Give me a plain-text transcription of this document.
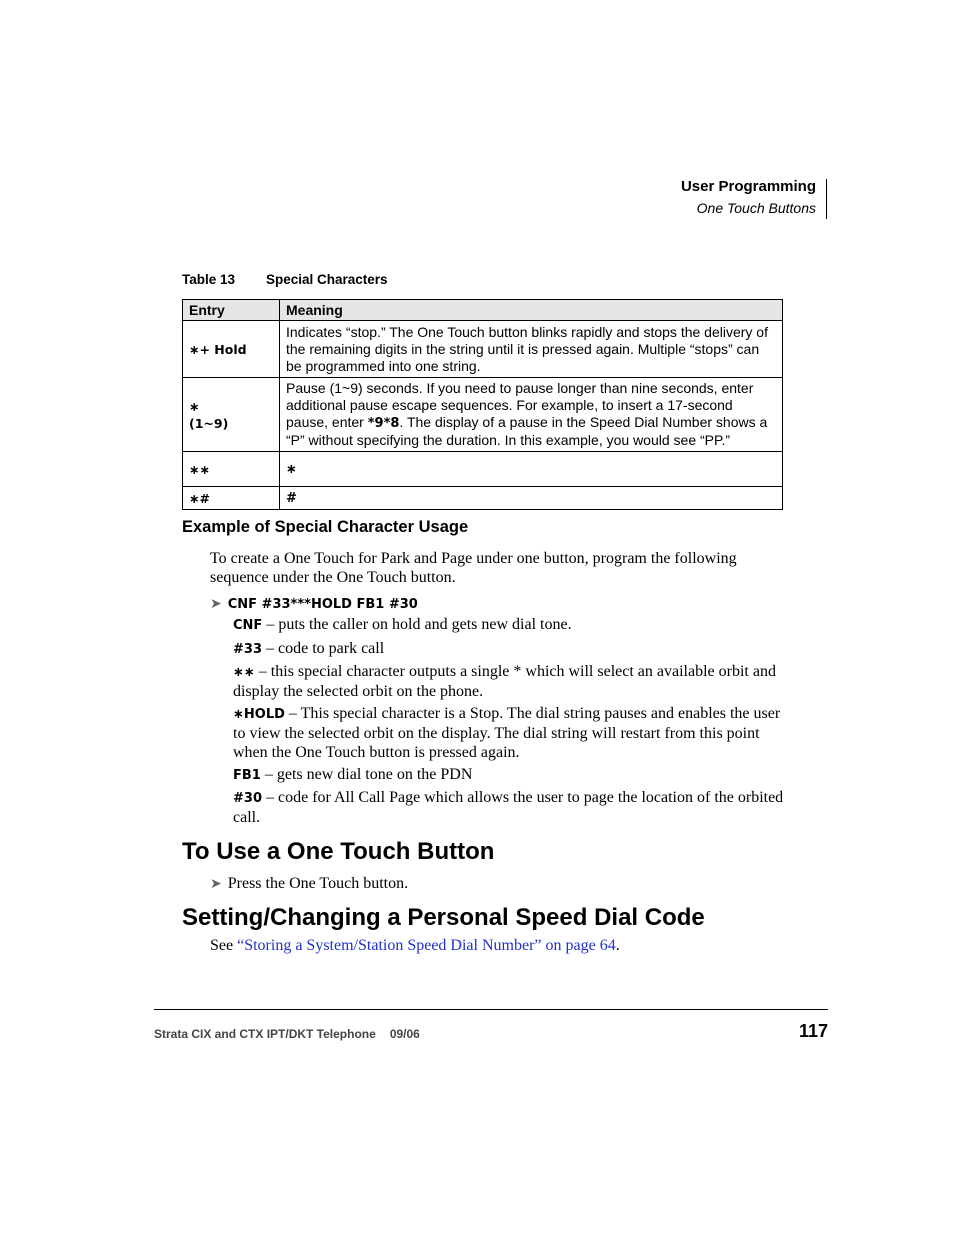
User Programming
One Touch Buttons
Table 13 Special Characters
Entry	Meaning
∗+ Hold	Indicates “stop.” The One Touch button blinks rapidly and stops the delivery of the remaining digits in the string until it is pressed again. Multiple “stops” can be programmed into one string.

∗
(1~9)	Pause (1~9) seconds. If you need to pause longer than nine seconds, enter additional pause escape sequences. For example, to insert a 17-second pause, enter *9*8. The display of a pause in the Speed Dial Number shows a “P” without specifying the duration. In this example, you would see “PP.”
∗∗	∗
∗#	#
Example of Special Character Usage
To create a One Touch for Park and Page under one button, program the following sequence under the One Touch button.
➤ CNF #33***HOLD FB1 #30
CNF – puts the caller on hold and gets new dial tone.
#33 – code to park call
∗∗ – this special character outputs a single * which will select an available orbit and display the selected orbit on the phone.
∗HOLD – This special character is a Stop. The dial string pauses and enables the user to view the selected orbit on the display. The dial string will restart from this point when the One Touch button is pressed again.
FB1 – gets new dial tone on the PDN
#30 – code for All Call Page which allows the user to page the location of the orbited call.
To Use a One Touch Button
➤ Press the One Touch button.
Setting/Changing a Personal Speed Dial Code
See “Storing a System/Station Speed Dial Number” on page 64.
Strata CIX and CTX IPT/DKT Telephone 09/06	117
